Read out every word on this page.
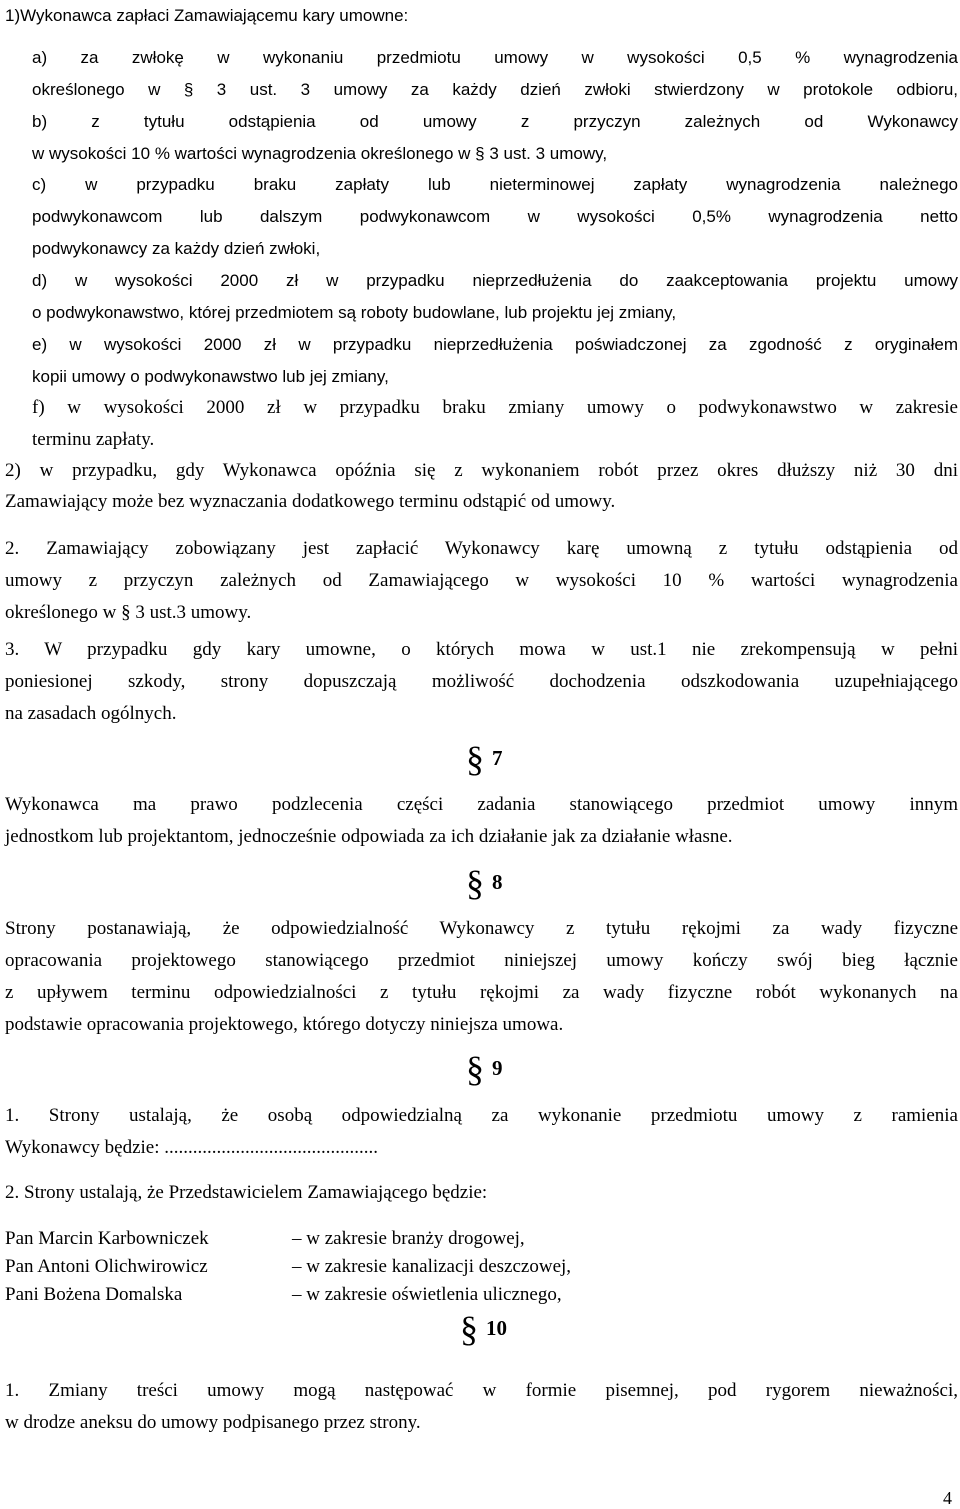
1)Wykonawca zapłaci Zamawiającemu kary umowne:
a) za zwłokę w wykonaniu przedmiotu umowy w wysokości 0,5 % wynagrodzenia
określonego w § 3 ust. 3 umowy za każdy dzień zwłoki stwierdzony w protokole odbioru,
b) z tytułu odstąpienia od umowy z przyczyn zależnych od Wykonawcy
w wysokości 10 % wartości wynagrodzenia określonego w § 3 ust. 3 umowy,
c) w przypadku braku zapłaty lub nieterminowej zapłaty wynagrodzenia należnego
podwykonawcom lub dalszym podwykonawcom w wysokości 0,5% wynagrodzenia netto
podwykonawcy za każdy dzień zwłoki,
d) w wysokości 2000 zł w przypadku nieprzedłużenia do zaakceptowania projektu umowy
o podwykonawstwo, której przedmiotem są roboty budowlane, lub projektu jej zmiany,
e) w wysokości 2000 zł w przypadku nieprzedłużenia poświadczonej za zgodność z oryginałem
kopii umowy o podwykonawstwo lub jej zmiany,
f) w wysokości 2000 zł w przypadku braku zmiany umowy o podwykonawstwo w zakresie
terminu zapłaty.
2) w przypadku, gdy Wykonawca opóźnia się z wykonaniem robót przez okres dłuższy niż 30 dni
Zamawiający może bez wyznaczania dodatkowego terminu odstąpić od umowy.
2. Zamawiający zobowiązany jest zapłacić Wykonawcy karę umowną z tytułu odstąpienia od
umowy z przyczyn zależnych od Zamawiającego w wysokości 10 % wartości wynagrodzenia
określonego w § 3 ust.3 umowy.
3. W przypadku gdy kary umowne, o których mowa w ust.1 nie zrekompensują w pełni
poniesionej szkody, strony dopuszczają możliwość dochodzenia odszkodowania uzupełniającego
na zasadach ogólnych.
§ 7
Wykonawca ma prawo podzlecenia części zadania stanowiącego przedmiot umowy innym
jednostkom lub projektantom, jednocześnie odpowiada za ich działanie jak za działanie własne.
§ 8
Strony postanawiają, że odpowiedzialność Wykonawcy z tytułu rękojmi za wady fizyczne
opracowania projektowego stanowiącego przedmiot niniejszej umowy kończy swój bieg łącznie
z upływem terminu odpowiedzialności z tytułu rękojmi za wady fizyczne robót wykonanych na
podstawie opracowania projektowego, którego dotyczy niniejsza umowa.
§ 9
1. Strony ustalają, że osobą odpowiedzialną za wykonanie przedmiotu umowy z ramienia
Wykonawcy będzie: .............................................
2. Strony ustalają, że Przedstawicielem Zamawiającego będzie:
Pan Marcin Karbowniczek	– w zakresie branży drogowej,
Pan Antoni Olichwirowicz	– w zakresie kanalizacji deszczowej,
Pani Bożena Domalska	– w zakresie oświetlenia ulicznego,
§ 10
1. Zmiany treści umowy mogą następować w formie pisemnej, pod rygorem nieważności,
w drodze aneksu do umowy podpisanego przez strony.
4
